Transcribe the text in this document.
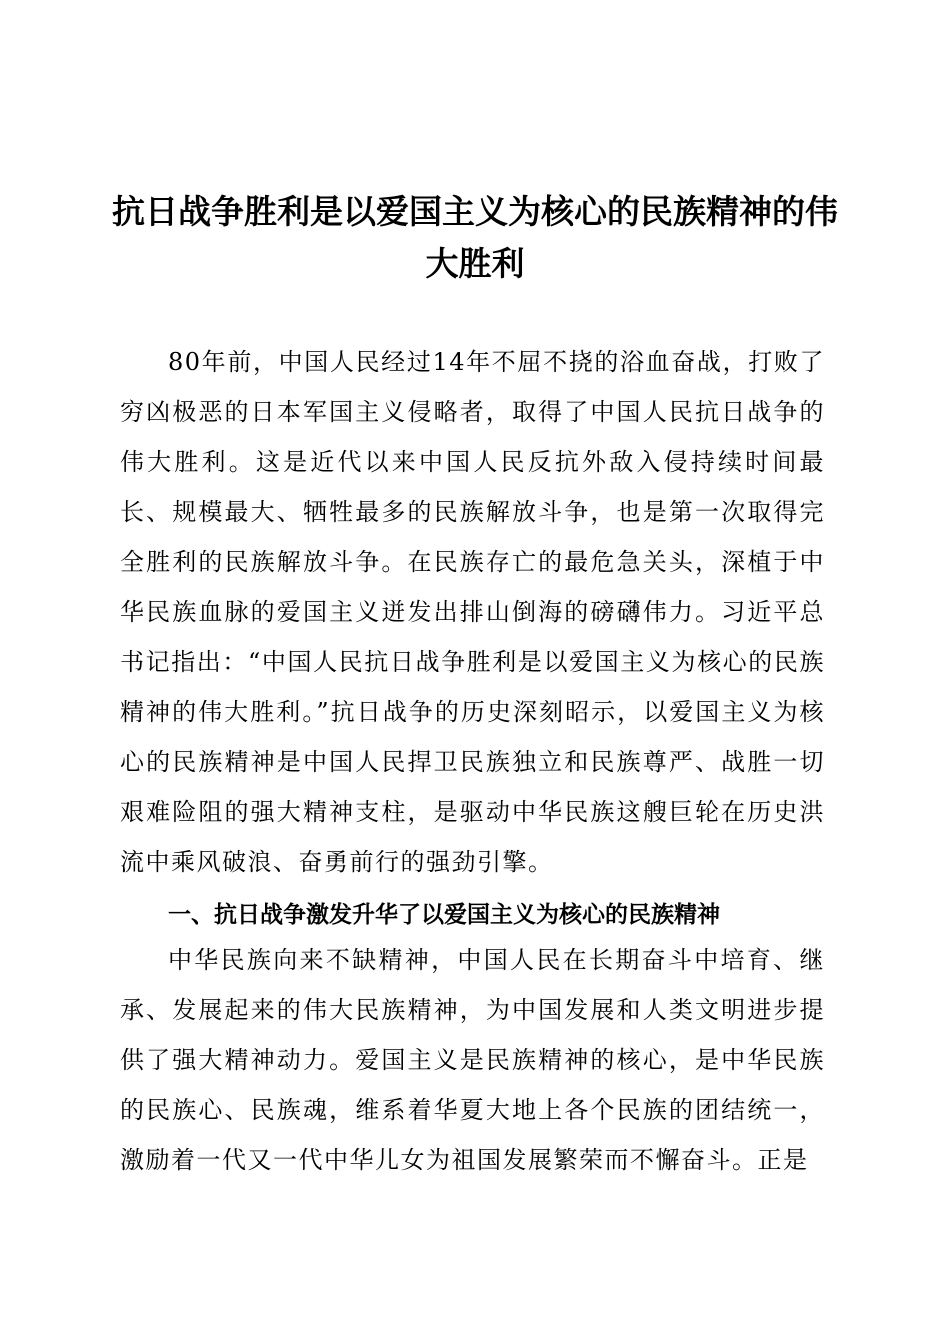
抗日战争胜利是以爱国主义为核心的民族精神的伟大胜利

80年前，中国人民经过14年不屈不挠的浴血奋战，打败了穷凶极恶的日本军国主义侵略者，取得了中国人民抗日战争的伟大胜利。这是近代以来中国人民反抗外敌入侵持续时间最长、规模最大、牺牲最多的民族解放斗争，也是第一次取得完全胜利的民族解放斗争。在民族存亡的最危急关头，深植于中华民族血脉的爱国主义迸发出排山倒海的磅礴伟力。习近平总书记指出：“中国人民抗日战争胜利是以爱国主义为核心的民族精神的伟大胜利。”抗日战争的历史深刻昭示，以爱国主义为核心的民族精神是中国人民捍卫民族独立和民族尊严、战胜一切艰难险阻的强大精神支柱，是驱动中华民族这艘巨轮在历史洪流中乘风破浪、奋勇前行的强劲引擎。

一、抗日战争激发升华了以爱国主义为核心的民族精神

中华民族向来不缺精神，中国人民在长期奋斗中培育、继承、发展起来的伟大民族精神，为中国发展和人类文明进步提供了强大精神动力。爱国主义是民族精神的核心，是中华民族的民族心、民族魂，维系着华夏大地上各个民族的团结统一，激励着一代又一代中华儿女为祖国发展繁荣而不懈奋斗。正是
